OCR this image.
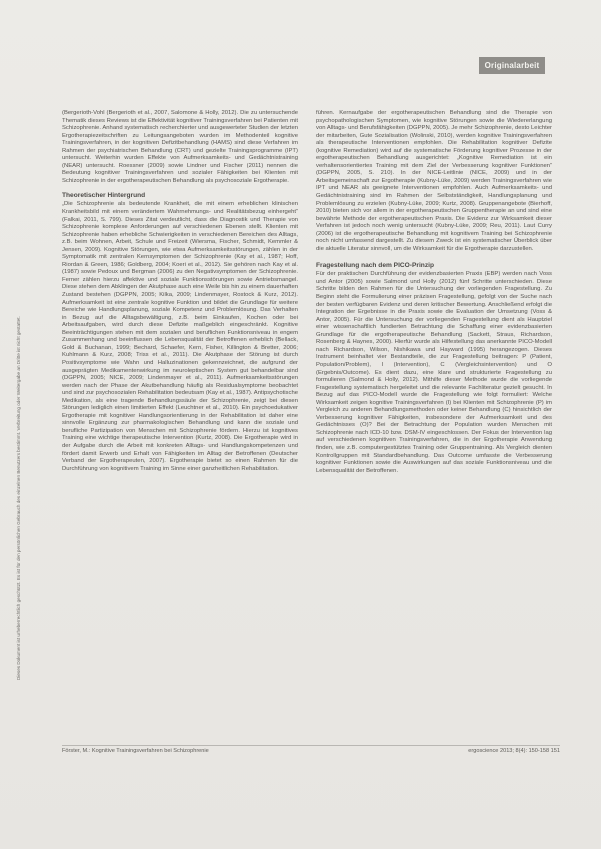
Originalarbeit
Dieses Dokument ist urheberrechtlich geschützt. Es ist für den persönlichen Gebrauch des einzelnen Benutzers bestimmt. Verbreitung oder Weitergabe an Dritte ist nicht gestattet.

(Bergerioth-Vohl (Bergerioth et al., 2007, Salomone & Holly, 2012). Die zu untersuchende Thematik dieses Reviews ist die Effektivität kognitiver Trainingsverfahren bei Patienten mit Schizophrenie. Anhand systematisch recherchierter und ausgewerteter Studien der letzten Ergotherapiezeitschriften zu Leitungsangeboten wurden im Methodenteil kognitive Trainingsverfahren, in der kognitiven Defizitbehandlung (HAMS) sind diese Verfahren im Rahmen der psychiatrischen Behandlung (CRT) und gezielte Trainingsprogramme (IPT) untersucht. Weiterhin wurden Effekte von Aufmerksamkeits- und Gedächtnistraining (NEAR) untersucht. Roessner (2009) sowie Lindner und Fischer (2011) nennen die Bedeutung kognitiver Trainingsverfahren und sozialer Fähigkeiten bei Klienten mit Schizophrenie in der ergotherapeutischen Behandlung als psychosoziale Ergotherapie.

Theoretischer Hintergrund

„Die Schizophrenie als bedeutende Krankheit, die mit einem erheblichen klinischen Krankheitsbild mit einem verändertem Wahrnehmungs- und Realitätsbezug einhergeht“ (Falkai, 2011, S. 799). Dieses Zitat verdeutlicht, dass die Diagnostik und Therapie von Schizophrenie komplexe Anforderungen auf verschiedenen Ebenen stellt. Klienten mit Schizophrenie haben erhebliche Schwierigkeiten in verschiedenen Bereichen des Alltags, z.B. beim Wohnen, Arbeit, Schule und Freizeit (Wiersma, Fischer, Schmidt, Kemmler & Jensen, 2009). Kognitive Störungen, wie etwa Aufmerksamkeitsstörungen, zählen in der Symptomatik mit zentralen Kernsymptomen der Schizophrenie (Kay et al., 1987; Hoff, Riordan & Green, 1986; Goldberg, 2004; Koeri et al., 2012). Sie gehören nach Kay et al. (1987) sowie Pedoux und Bergman (2006) zu den Negativsymptomen der Schizophrenie. Ferner zählen hierzu affektive und soziale Funktionsstörungen sowie Antriebsmangel. Diese stehen dem Abklingen der Akutphase auch eine Weile bis hin zu einem dauerhaften Zustand bestehen (DGPPN, 2005; Kilka, 2009; Lindenmayer, Rostock & Kurz, 2012). Aufmerksamkeit ist eine zentrale kognitive Funktion und bildet die Grundlage für weitere Bereiche wie Handlungsplanung, soziale Kompetenz und Problemlösung. Das Verhalten in Bezug auf die Alltagsbewältigung, z.B. beim Einkaufen, Kochen oder bei Arbeitsaufgaben, wird durch diese Defizite maßgeblich eingeschränkt. Kognitive Beeinträchtigungen stehen mit dem sozialen und beruflichen Funktionsniveau in engem Zusammenhang und beeinflussen die Lebensqualität der Betroffenen erheblich (Bellack, Gold & Buchanan, 1999; Bechard, Schaefer, Kern, Fisher, Killington & Bretter, 2006; Kuhlmann & Kurz, 2008; Triss et al., 2011). Die Akutphase der Störung ist durch Positivsymptome wie Wahn und Halluzinationen gekennzeichnet, die aufgrund der ausgeprägten Medikamentenwirkung im neuroleptischen System gut behandelbar sind (DGPPN, 2005; NICE, 2009; Lindenmayer et al., 2011). Aufmerksamkeitsstörungen werden nach der Phase der Akutbehandlung häufig als Residualsymptome beobachtet und sind zur psychosozialen Rehabilitation bedeutsam (Kay et al., 1987). Antipsychotische Medikation, als eine tragende Behandlungssäule der Schizophrenie, zeigt bei diesen Störungen lediglich einen limitierten Effekt (Leuchtner et al., 2010). Ein psychoedukativer Ergotherapie mit kognitiver Handlungsorientierung in der Rehabilitation ist daher eine sinnvolle Ergänzung zur pharmakologischen Behandlung und kann die soziale und berufliche Partizipation von Menschen mit Schizophrenie fördern. Hierzu ist kognitives Training eine wichtige therapeutische Intervention (Kurtz, 2008). Die Ergotherapie wird in der Aufgabe durch die Arbeit mit konkreten Alltags- und Handlungskompetenzen und fördert damit Erwerb und Erhalt von Fähigkeiten im Alltag der Betroffenen (Deutscher Verband der Ergotherapeuten, 2007). Ergotherapie bietet so einen Rahmen für die Durchführung von kognitivem Training im Sinne einer ganzheitlichen Rehabilitation.

führen. Kernaufgabe der ergotherapeutischen Behandlung sind die Therapie von psychopathologischen Symptomen, wie kognitive Störungen sowie die Wiedererlangung von Alltags- und Berufsfähigkeiten (DGPPN, 2005). Je mehr Schizophrenie, desto Leichter der mitarbeiten, Gute Sozialisation (Wolinski, 2010), werden kognitive Trainingsverfahren als therapeutische Interventionen empfohlen. Die Rehabilitation kognitiver Defizite (kognitive Remediation) wird auf die systematische Förderung kognitiver Prozesse in der ergotherapeutischen Behandlung ausgerichtet: „Kognitive Remediation ist ein verhaltensorientiertes Training mit dem Ziel der Verbesserung kognitiver Funktionen“ (DGPPN, 2005, S. 210). In der NICE-Leitlinie (NICE, 2009) und in der Arbeitsgemeinschaft zur Ergotherapie (Kubny-Lüke, 2009) werden Trainingsverfahren wie IPT und NEAR als geeignete Interventionen empfohlen. Auch Aufmerksamkeits- und Gedächtnistraining sind im Rahmen der Selbstständigkeit, Handlungsplanung und Problemlösung zu erzielen (Kubny-Lüke, 2009; Kurtz, 2008). Gruppenangebote (Bierhoff, 2010) bieten sich vor allem in der ergotherapeutischen Gruppentherapie an und sind eine bewährte Methode der ergotherapeutischen Praxis. Die Evidenz zur Wirksamkeit dieser Verfahren ist jedoch noch wenig untersucht (Kubny-Lüke, 2009; Reu, 2011). Laut Curry (2006) ist die ergotherapeutische Behandlung mit kognitivem Training bei Schizophrenie noch nicht umfassend dargestellt. Zu diesem Zweck ist ein systematischer Überblick über die aktuelle Literatur sinnvoll, um die Wirksamkeit für die Ergotherapie darzustellen.

Fragestellung nach dem PICO-Prinzip

Für der praktischen Durchführung der evidenzbasierten Praxis (EBP) werden nach Voss und Antor (2005) sowie Salmond und Holly (2012) fünf Schritte unterschieden. Diese Schritte bilden den Rahmen für die Untersuchung der vorliegenden Fragestellung. Zu Beginn steht die Formulierung einer präzisen Fragestellung, gefolgt von der Suche nach der besten verfügbaren Evidenz und deren kritischer Bewertung. Anschließend erfolgt die Integration der Ergebnisse in die Praxis sowie die Evaluation der Umsetzung (Voss & Antor, 2005). Für die Untersuchung der vorliegenden Fragestellung dient als Hauptziel einer wissenschaftlich fundierten Betrachtung die Schaffung einer evidenzbasierten Grundlage für die ergotherapeutische Behandlung (Sackett, Straus, Richardson, Rosenberg & Haynes, 2000). Hierfür wurde als Hilfestellung das anerkannte PICO-Modell nach Richardson, Wilson, Nishikawa und Hayward (1995) herangezogen. Dieses Instrument beinhaltet vier Bestandteile, die zur Fragestellung beitragen: P (Patient, Population/Problem), I (Intervention), C (Vergleichsintervention) und O (Ergebnis/Outcome). Es dient dazu, eine klare und strukturierte Fragestellung zu formulieren (Salmond & Holly, 2012). Mithilfe dieser Methode wurde die vorliegende Fragestellung systematisch hergeleitet und die relevante Fachliteratur gezielt gesucht. In Bezug auf das PICO-Modell wurde die Fragestellung wie folgt formuliert: Welche Wirksamkeit zeigen kognitive Trainingsverfahren (I) bei Klienten mit Schizophrenie (P) im Vergleich zu anderen Behandlungsmethoden oder keiner Behandlung (C) hinsichtlich der Verbesserung kognitiver Fähigkeiten, insbesondere der Aufmerksamkeit und des Gedächtnisses (O)? Bei der Betrachtung der Population wurden Menschen mit Schizophrenie nach ICD-10 bzw. DSM-IV eingeschlossen. Der Fokus der Intervention lag auf verschiedenen kognitiven Trainingsverfahren, die in der Ergotherapie Anwendung finden, wie z.B. computergestütztes Training oder Gruppentraining. Als Vergleich dienten Kontrollgruppen mit Standardbehandlung. Das Outcome umfasste die Verbesserung kognitiver Funktionen sowie die Auswirkungen auf das soziale Funktionsniveau und die Lebensqualität der Betroffenen.

Förster, M.: Kognitive Trainingsverfahren bei Schizophrenie	ergoscience 2013; 8(4): 150-158 151
